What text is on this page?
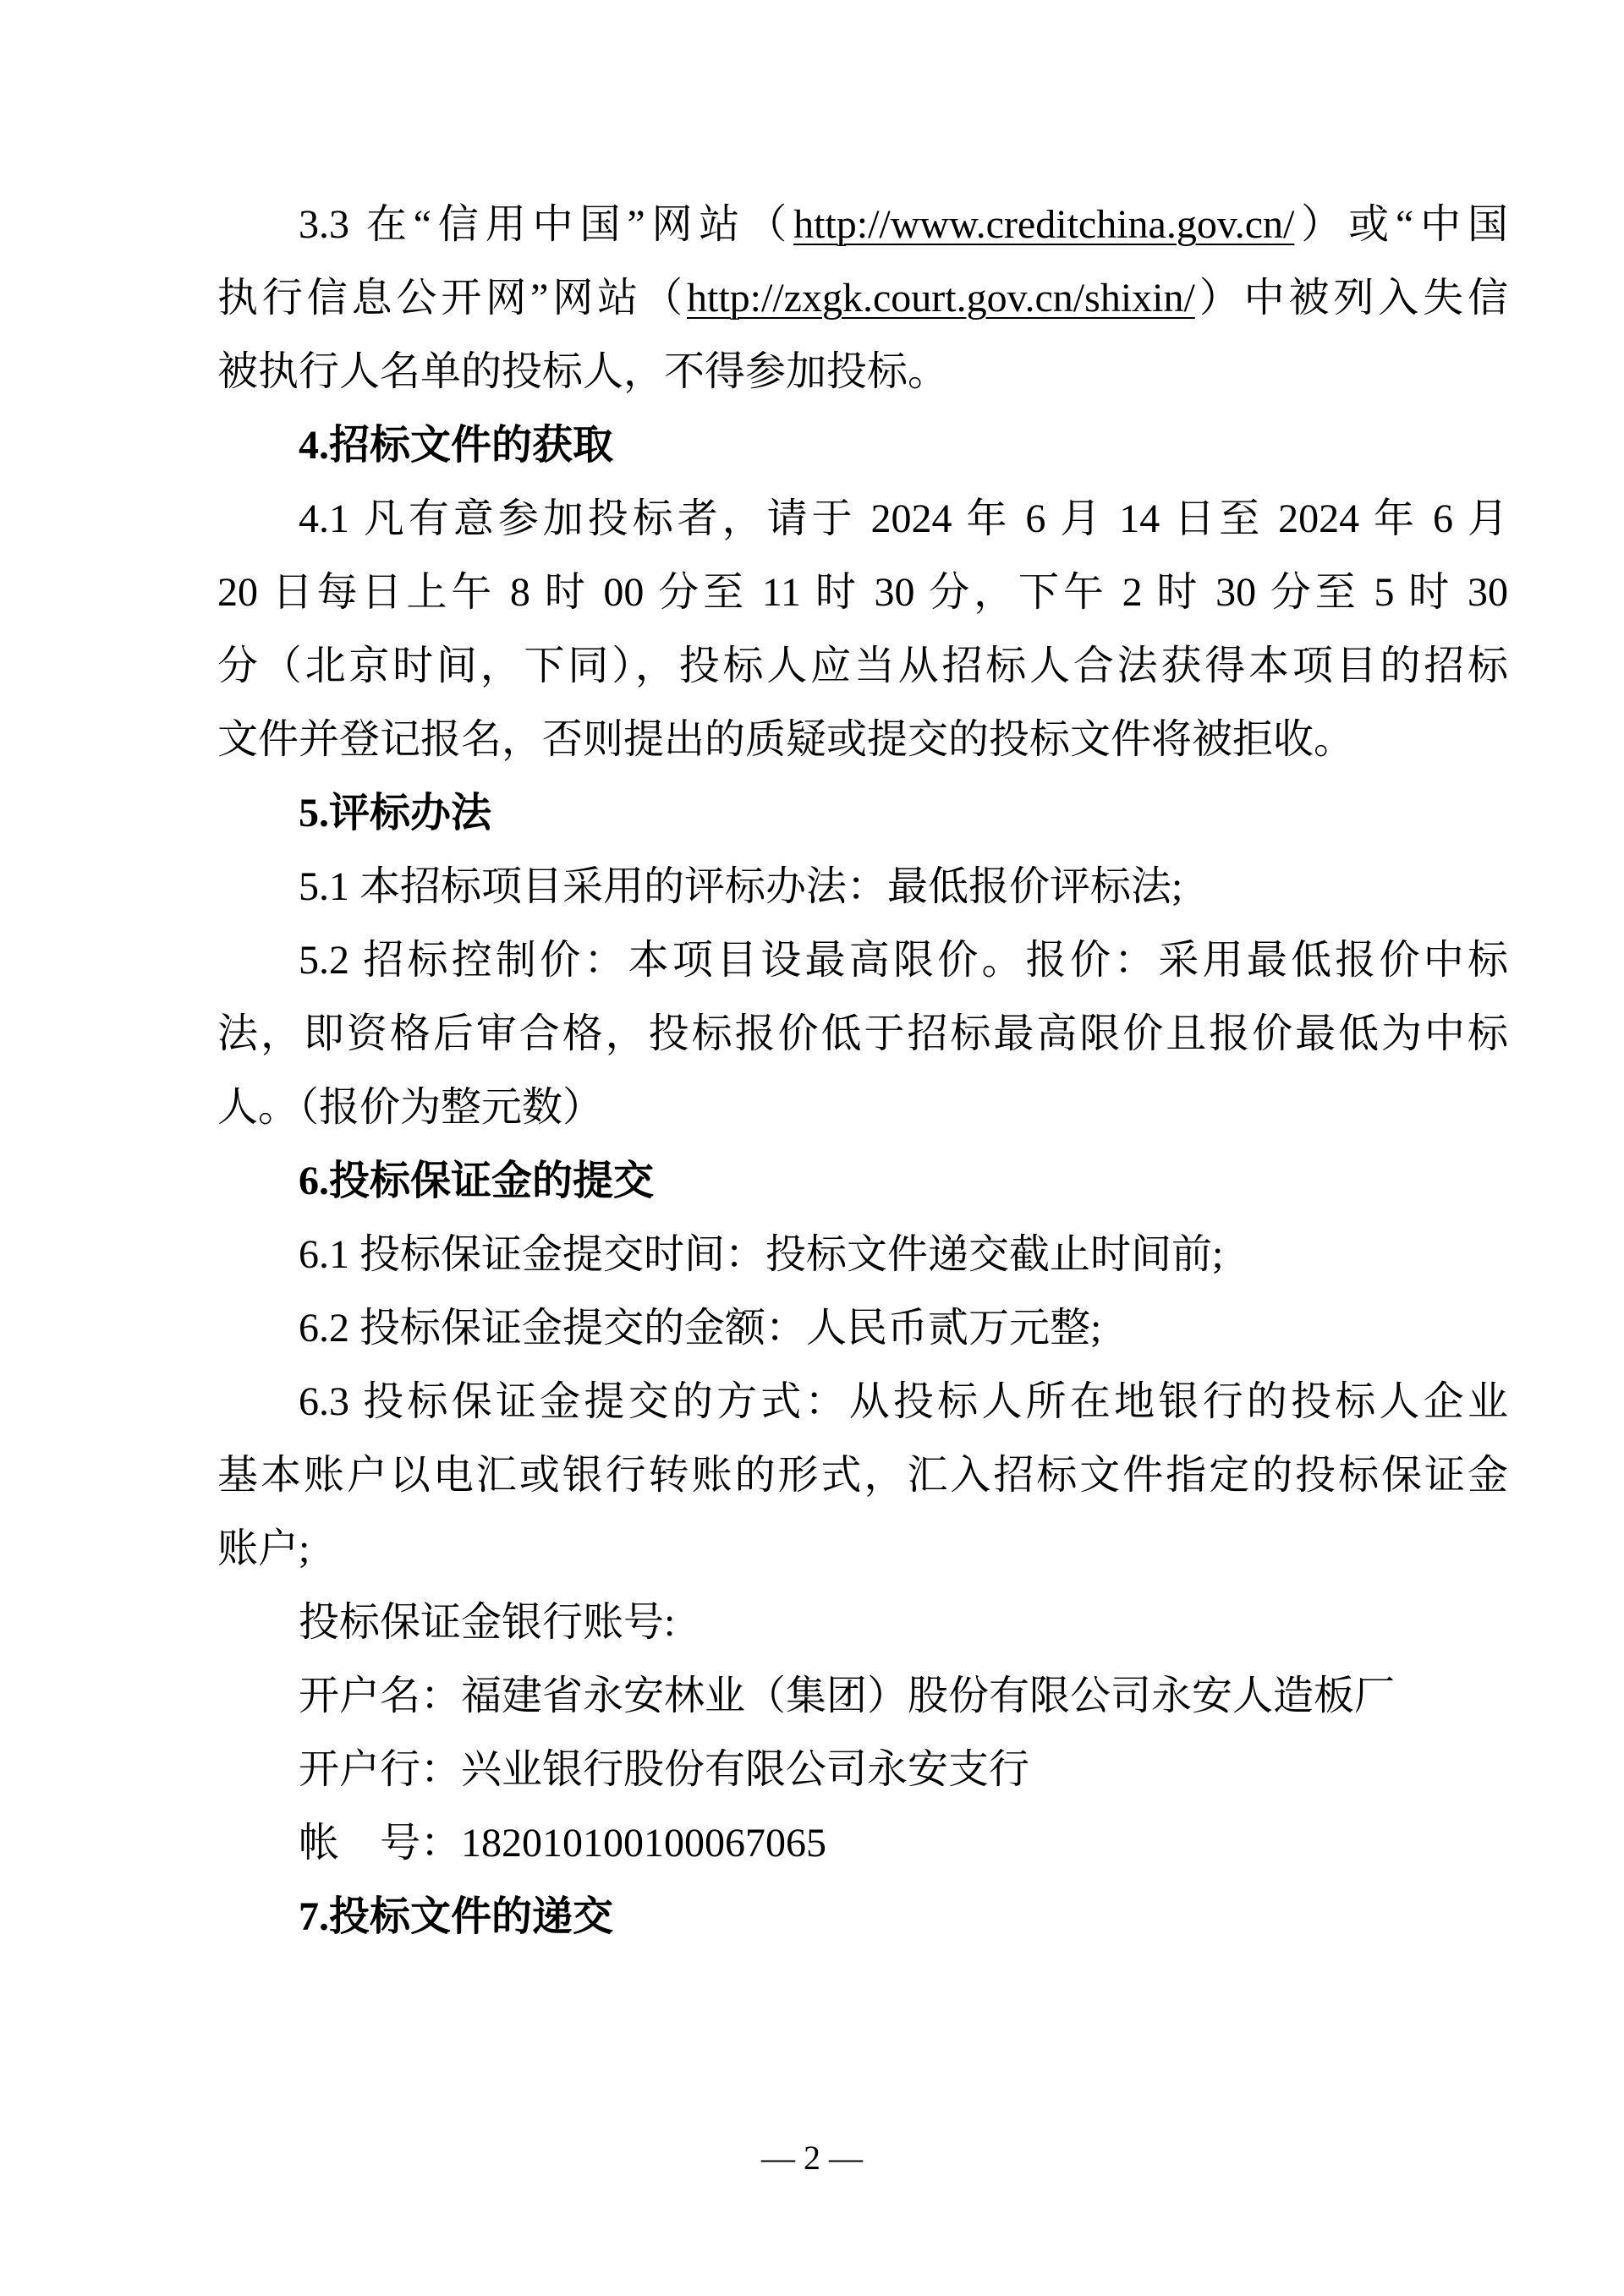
3.3 在“信用中国”网站（http://www.creditchina.gov.cn/）或“中国
执行信息公开网”网站（http://zxgk.court.gov.cn/shixin/）中被列入失信
被执行人名单的投标人，不得参加投标。
4.招标文件的获取
4.1 凡有意参加投标者，请于 2024 年 6 月 14 日至 2024 年 6 月
20 日每日上午 8 时 00 分至 11 时 30 分，下午 2 时 30 分至 5 时 30
分（北京时间，下同），投标人应当从招标人合法获得本项目的招标
文件并登记报名，否则提出的质疑或提交的投标文件将被拒收。
5.评标办法
5.1 本招标项目采用的评标办法：最低报价评标法;
5.2 招标控制价：本项目设最高限价。报价：采用最低报价中标
法，即资格后审合格，投标报价低于招标最高限价且报价最低为中标
人。（报价为整元数）
6.投标保证金的提交
6.1 投标保证金提交时间：投标文件递交截止时间前;
6.2 投标保证金提交的金额：人民币贰万元整;
6.3 投标保证金提交的方式：从投标人所在地银行的投标人企业
基本账户以电汇或银行转账的形式，汇入招标文件指定的投标保证金
账户;
投标保证金银行账号:
开户名：福建省永安林业（集团）股份有限公司永安人造板厂
开户行：兴业银行股份有限公司永安支行
帐　号：182010100100067065
7.投标文件的递交
— 2 —
